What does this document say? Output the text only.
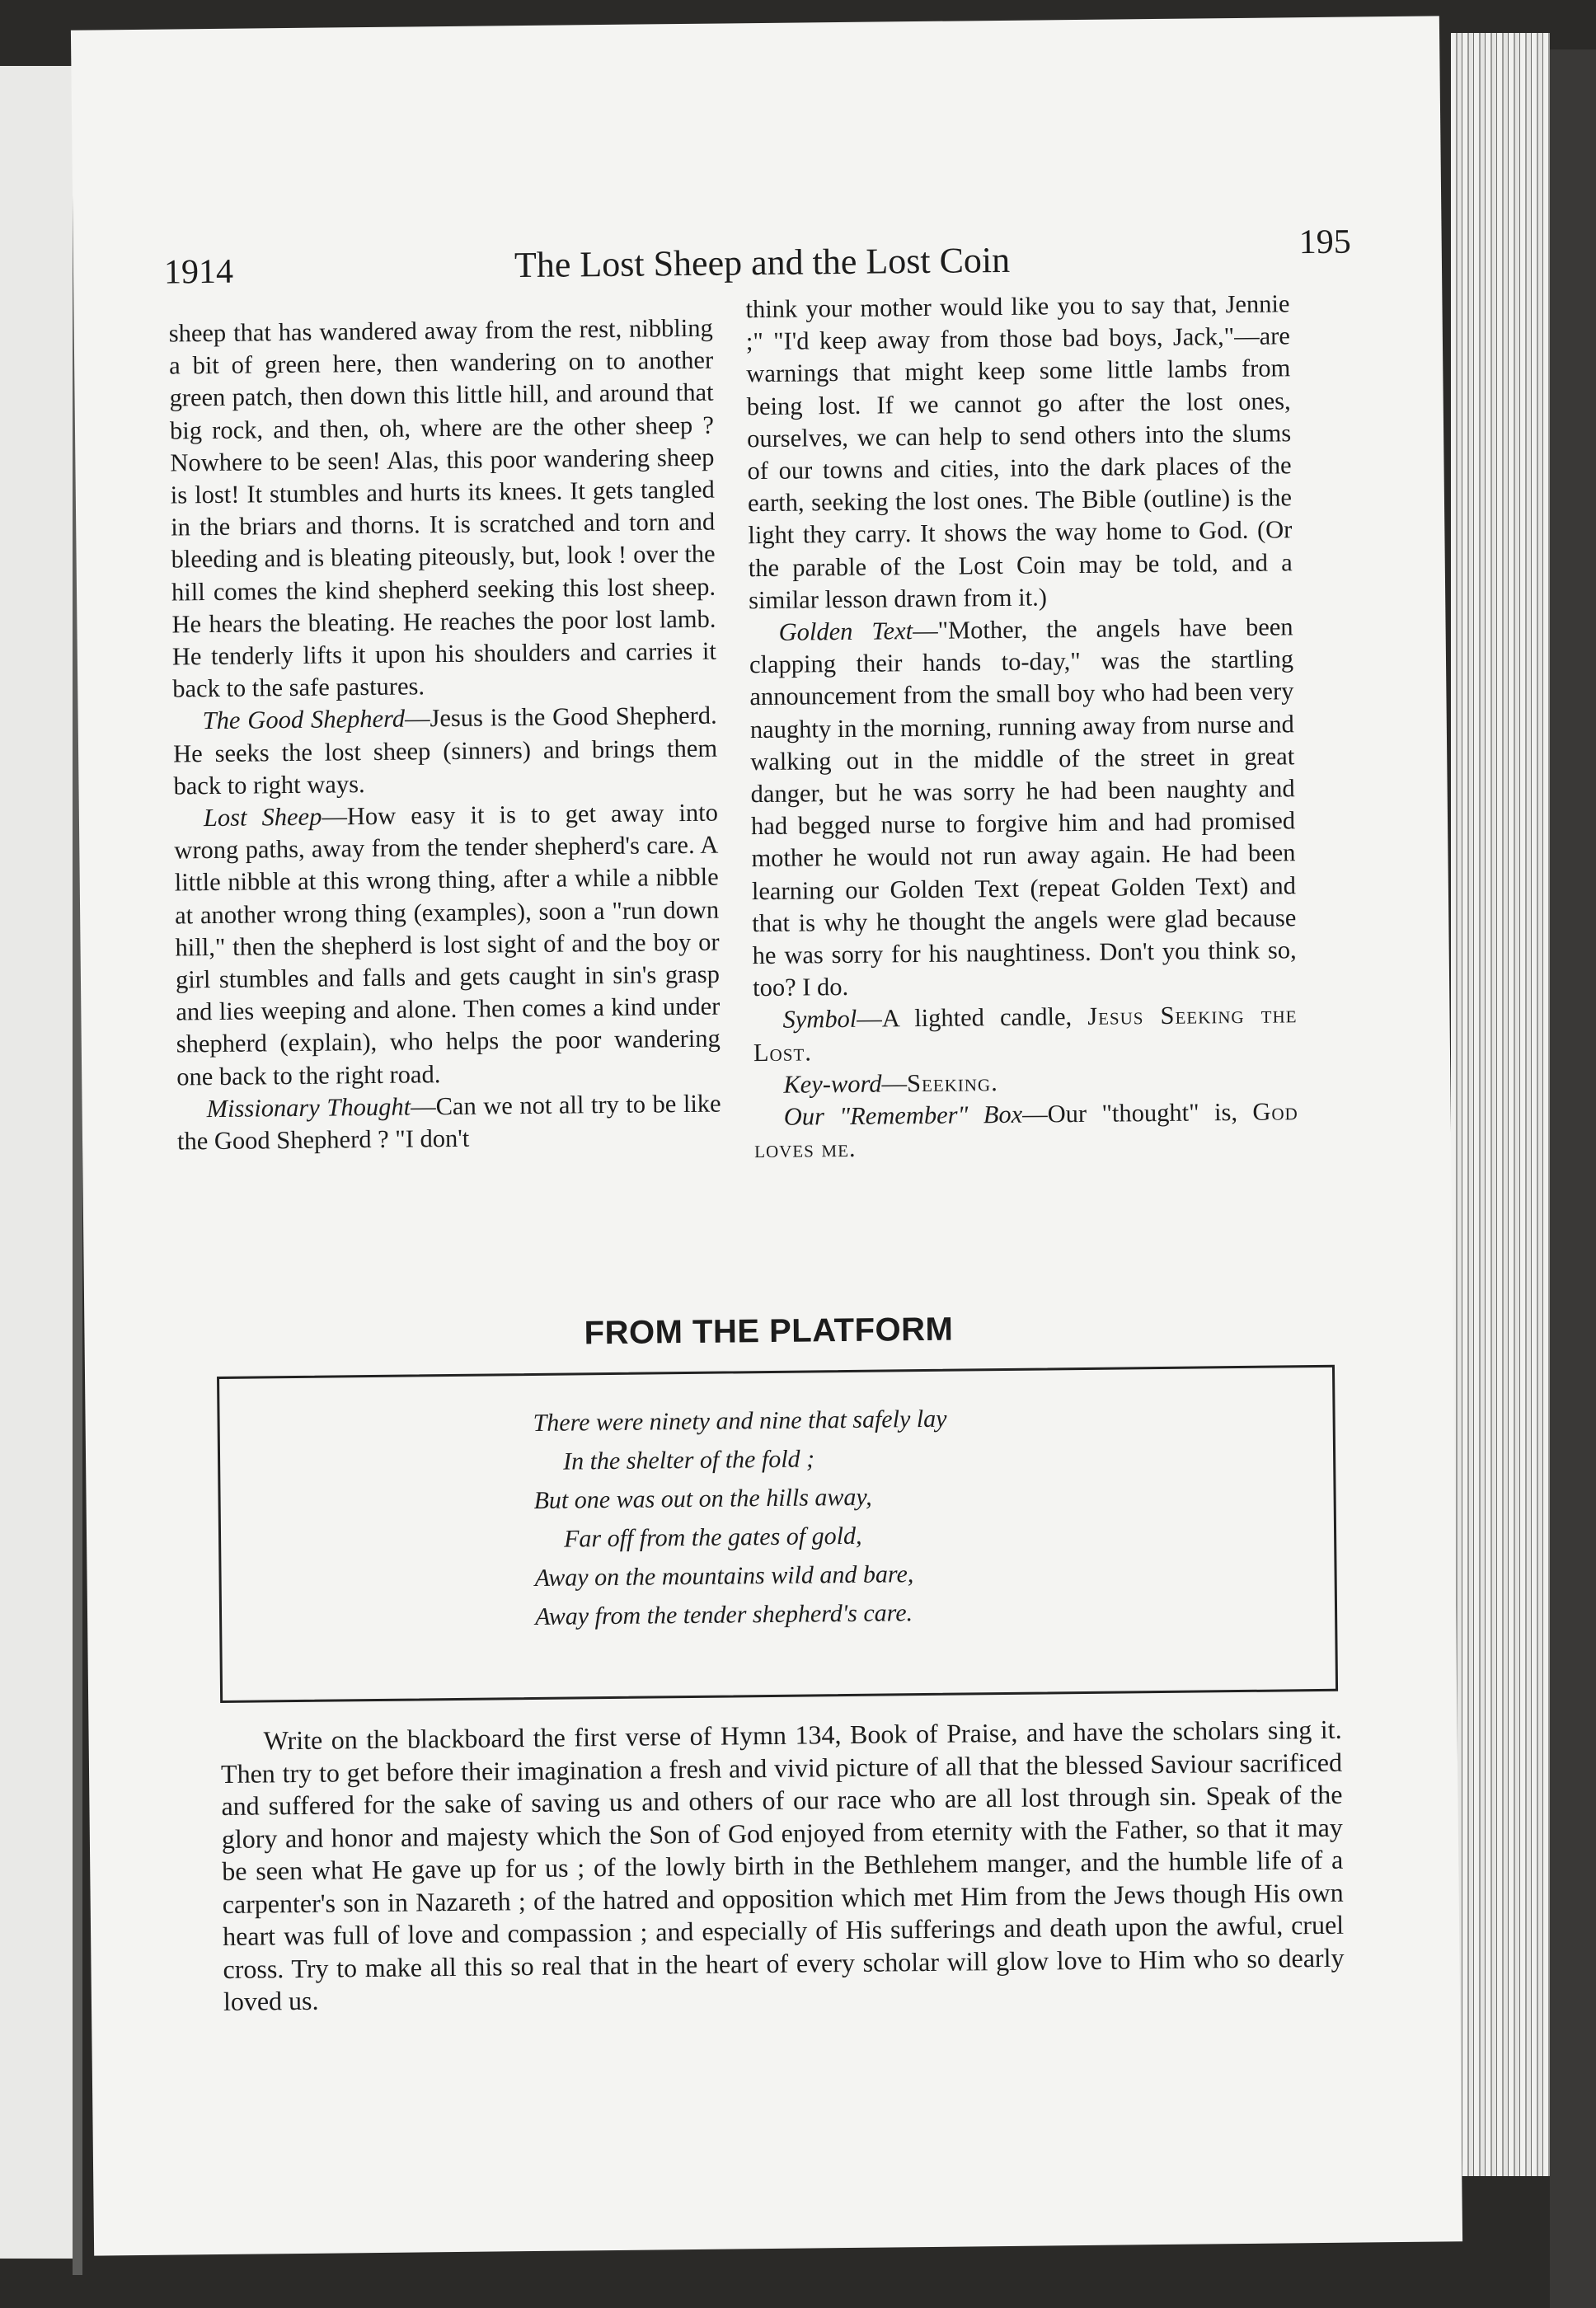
1914	The Lost Sheep and the Lost Coin	195

sheep that has wandered away from the rest, nibbling a bit of green here, then wandering on to another green patch, then down this little hill, and around that big rock, and then, oh, where are the other sheep ? Nowhere to be seen! Alas, this poor wandering sheep is lost! It stumbles and hurts its knees. It gets tangled in the briars and thorns. It is scratched and torn and bleeding and is bleating piteously, but, look ! over the hill comes the kind shepherd seeking this lost sheep. He hears the bleating. He reaches the poor lost lamb. He tenderly lifts it upon his shoulders and carries it back to the safe pastures.

The Good Shepherd—Jesus is the Good Shepherd. He seeks the lost sheep (sinners) and brings them back to right ways.

Lost Sheep—How easy it is to get away into wrong paths, away from the tender shepherd's care. A little nibble at this wrong thing, after a while a nibble at another wrong thing (examples), soon a "run down hill," then the shepherd is lost sight of and the boy or girl stumbles and falls and gets caught in sin's grasp and lies weeping and alone. Then comes a kind under shepherd (explain), who helps the poor wandering one back to the right road.

Missionary Thought—Can we not all try to be like the Good Shepherd ? "I don't

think your mother would like you to say that, Jennie ;" "I'd keep away from those bad boys, Jack,"—are warnings that might keep some little lambs from being lost. If we cannot go after the lost ones, ourselves, we can help to send others into the slums of our towns and cities, into the dark places of the earth, seeking the lost ones. The Bible (outline) is the light they carry. It shows the way home to God. (Or the parable of the Lost Coin may be told, and a similar lesson drawn from it.)

Golden Text—"Mother, the angels have been clapping their hands to-day," was the startling announcement from the small boy who had been very naughty in the morning, running away from nurse and walking out in the middle of the street in great danger, but he was sorry he had been naughty and had begged nurse to forgive him and had promised mother he would not run away again. He had been learning our Golden Text (repeat Golden Text) and that is why he thought the angels were glad because he was sorry for his naughtiness. Don't you think so, too? I do.

Symbol—A lighted candle, Jesus Seeking the Lost.

Key-word—Seeking.

Our "Remember" Box—Our "thought" is, God loves me.

FROM THE PLATFORM
There were ninety and nine that safely lay
In the shelter of the fold ;
But one was out on the hills away,
Far off from the gates of gold,
Away on the mountains wild and bare,
Away from the tender shepherd's care.

Write on the blackboard the first verse of Hymn 134, Book of Praise, and have the scholars sing it. Then try to get before their imagination a fresh and vivid picture of all that the blessed Saviour sacrificed and suffered for the sake of saving us and others of our race who are all lost through sin. Speak of the glory and honor and majesty which the Son of God enjoyed from eternity with the Father, so that it may be seen what He gave up for us ; of the lowly birth in the Bethlehem manger, and the humble life of a carpenter's son in Nazareth ; of the hatred and opposition which met Him from the Jews though His own heart was full of love and compassion ; and especially of His sufferings and death upon the awful, cruel cross. Try to make all this so real that in the heart of every scholar will glow love to Him who so dearly loved us.
